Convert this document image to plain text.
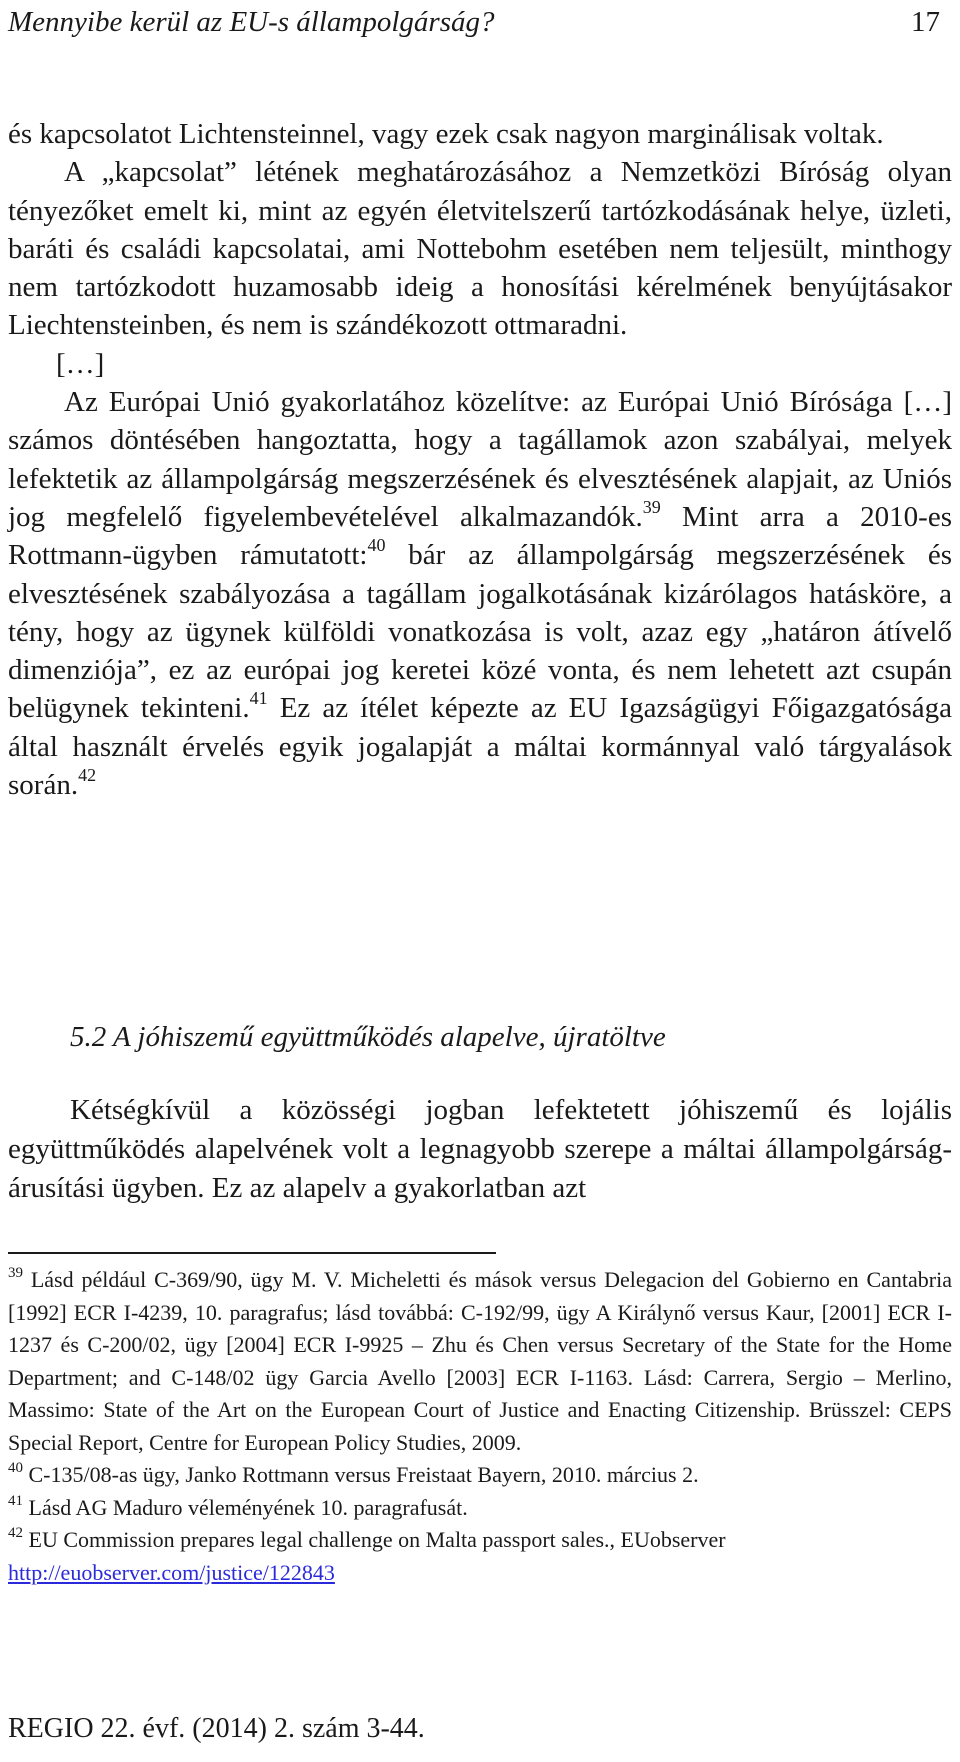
Mennyibe kerül az EU-s állampolgárság?	17

és kapcsolatot Lichtensteinnel, vagy ezek csak nagyon marginálisak voltak.

A „kapcsolat” létének meghatározásához a Nemzetközi Bíróság olyan tényezőket emelt ki, mint az egyén életvitelszerű tartózkodásának helye, üzleti, baráti és családi kapcsolatai, ami Nottebohm esetében nem teljesült, minthogy nem tartózkodott huzamosabb ideig a honosítási kérelmének benyújtásakor Liechtensteinben, és nem is szándékozott ottmaradni.

[…]

Az Európai Unió gyakorlatához közelítve: az Európai Unió Bírósága […] számos döntésében hangoztatta, hogy a tagállamok azon szabályai, melyek lefektetik az állampolgárság megszerzésének és elvesztésének alapjait, az Uniós jog megfelelő figyelembevételével alkalmazandók.$^{39}$ Mint arra a 2010-es Rottmann-ügyben rámutatott:$^{40}$ bár az állampolgárság megszerzésének és elvesztésének szabályozása a tagállam jogalkotásának kizárólagos hatásköre, a tény, hogy az ügynek külföldi vonatkozása is volt, azaz egy „határon átívelő dimenziója”, ez az európai jog keretei közé vonta, és nem lehetett azt csupán belügynek tekinteni.$^{41}$ Ez az ítélet képezte az EU Igazságügyi Főigazgatósága által használt érvelés egyik jogalapját a máltai kormánnyal való tárgyalások során.$^{42}$

5.2 A jóhiszemű együttműködés alapelve, újratöltve

Kétségkívül a közösségi jogban lefektetett jóhiszemű és lojális együttműködés alapelvének volt a legnagyobb szerepe a máltai állampolgárság-árusítási ügyben. Ez az alapelv a gyakorlatban azt

$^{39}$ Lásd például C-369/90, ügy M. V. Micheletti és mások versus Delegacion del Gobierno en Cantabria [1992] ECR I-4239, 10. paragrafus; lásd továbbá: C-192/99, ügy A Királynő versus Kaur, [2001] ECR I-1237 és C-200/02, ügy [2004] ECR I-9925 – Zhu és Chen versus Secretary of the State for the Home Department; and C-148/02 ügy Garcia Avello [2003] ECR I-1163. Lásd: Carrera, Sergio – Merlino, Massimo: State of the Art on the European Court of Justice and Enacting Citizenship. Brüsszel: CEPS Special Report, Centre for European Policy Studies, 2009.

$^{40}$ C-135/08-as ügy, Janko Rottmann versus Freistaat Bayern, 2010. március 2.

$^{41}$ Lásd AG Maduro véleményének 10. paragrafusát.

$^{42}$ EU Commission prepares legal challenge on Malta passport sales., EUobserver
http://euobserver.com/justice/122843

REGIO 22. évf. (2014) 2. szám 3-44.
